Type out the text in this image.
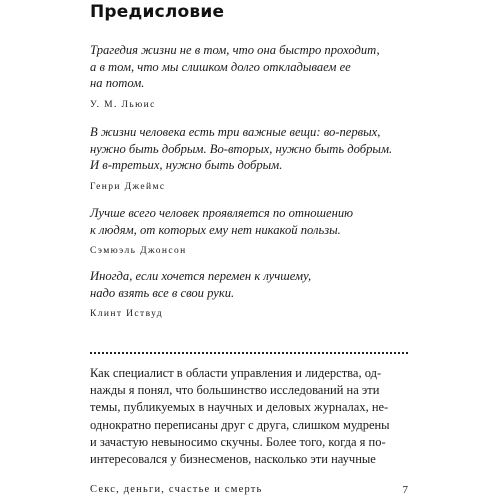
Предисловие

Трагедия жизни не в том, что она быстро проходит,
а в том, что мы слишком долго откладываем ее
на потом.

У. М. Льюис

В жизни человека есть три важные вещи: во-первых,
нужно быть добрым. Во-вторых, нужно быть добрым.
И в-третьих, нужно быть добрым.

Генри Джеймс

Лучше всего человек проявляется по отношению
к людям, от которых ему нет никакой пользы.

Сэмюэль Джонсон

Иногда, если хочется перемен к лучшему,
надо взять все в свои руки.

Клинт Иствуд

Как специалист в области управления и лидерства, од-
нажды я понял, что большинство исследований на эти
темы, публикуемых в научных и деловых журналах, не-
однократно переписаны друг с друга, слишком мудрены
и зачастую невыносимо скучны. Более того, когда я по-
интересовался у бизнесменов, насколько эти научные

Секс, деньги, счастье и смерть	7
